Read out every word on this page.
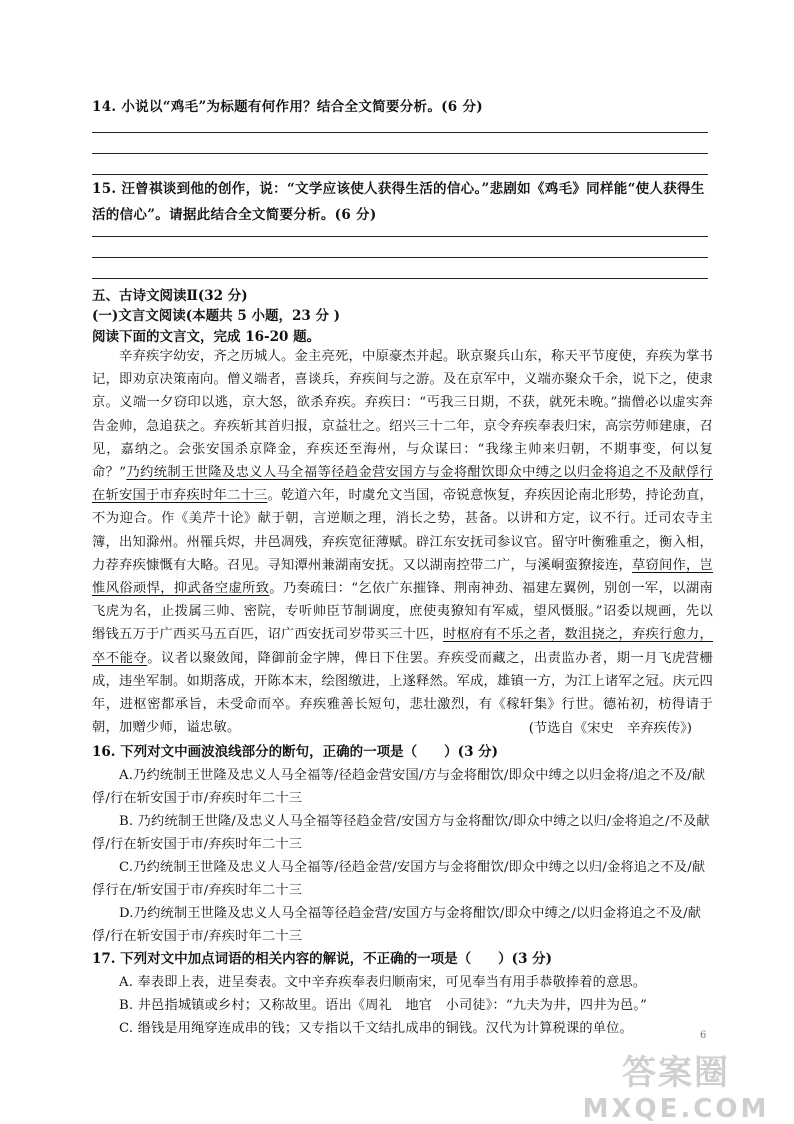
14. 小说以“鸡毛”为标题有何作用？结合全文简要分析。(6 分)
15. 汪曾祺谈到他的创作，说：“文学应该使人获得生活的信心。”悲剧如《鸡毛》同样能“使人获得生活的信心”。请据此结合全文简要分析。(6 分)
五、古诗文阅读Ⅱ(32 分)
(一)文言文阅读(本题共 5 小题，23 分 )
阅读下面的文言文，完成 16-20 题。
辛弃疾字幼安，齐之历城人。金主亮死，中原豪杰并起。耿京聚兵山东，称天平节度使，弃疾为掌书记，即劝京决策南向。僧义端者，喜谈兵，弃疾间与之游。及在京军中，义端亦聚众千余，说下之，使隶京。义端一夕窃印以逃，京大怒，欲杀弃疾。弃疾曰：“丐我三日期，不获，就死未晚。”揣僧必以虚实奔告金帅，急追获之。弃疾斩其首归报，京益壮之。绍兴三十二年，京令弃疾奉表归宋，高宗劳师建康，召见，嘉纳之。会张安国杀京降金，弃疾还至海州，与众谋曰：“我缘主帅来归朝，不期事变，何以复命？”乃约统制王世隆及忠义人马全福等径趋金营安国方与金将酣饮即众中缚之以归金将追之不及献俘行在斩安国于市弃疾时年二十三。乾道六年，时虞允文当国，帝锐意恢复，弃疾因论南北形势，持论劲直，不为迎合。作《美芹十论》献于朝，言逆顺之理，消长之势，甚备。以讲和方定，议不行。迁司农寺主簿，出知滁州。州罹兵烬，井邑凋残，弃疾宽征薄赋。辟江东安抚司参议官。留守叶衡雅重之，衡入相，力荐弃疾慷慨有大略。召见。寻知潭州兼湖南安抚。又以湖南控带二广，与溪峒蛮獠接连，草窃间作，岂惟风俗顽悍，抑武备空虚所致。乃奏疏曰：“乞依广东摧锋、荆南神劲、福建左翼例，别创一军，以湖南飞虎为名，止拨属三帅、密院，专听帅臣节制调度，庶使夷獠知有军威，望风慑服。”诏委以规画，先以缗钱五万于广西买马五百匹，诏广西安抚司岁带买三十匹，时枢府有不乐之者，数沮挠之，弃疾行愈力，卒不能夺。议者以聚敛闻，降御前金字牌，俾日下住罢。弃疾受而藏之，出责监办者，期一月飞虎营栅成，违坐军制。如期落成，开陈本末，绘图缴进，上遂释然。军成，雄镇一方，为江上诸军之冠。庆元四年，进枢密都承旨，未受命而卒。弃疾雅善长短句，悲壮激烈，有《稼轩集》行世。德祐初，枋得请于朝，加赠少师，谥忠敏。	(节选自《宋史　辛弃疾传》)
16. 下列对文中画波浪线部分的断句，正确的一项是（　　）(3 分)
A.乃约统制王世隆及忠义人马全福等/径趋金营安国/方与金将酣饮/即众中缚之以归金将/追之不及/献俘/行在斩安国于市/弃疾时年二十三
B. 乃约统制王世隆/及忠义人马全福等径趋金营/安国方与金将酣饮/即众中缚之以归/金将追之/不及献俘/行在斩安国于市/弃疾时年二十三
C.乃约统制王世隆及忠义人马全福等/径趋金营/安国方与金将酣饮/即众中缚之以归/金将追之不及/献俘行在/斩安国于市/弃疾时年二十三
D.乃约统制王世隆及忠义人马全福等径趋金营/安国方与金将酣饮/即众中缚之/以归金将追之不及/献俘/行在斩安国于市/弃疾时年二十三
17. 下列对文中加点词语的相关内容的解说，不正确的一项是（　　）(3 分)
A. 奉表即上表，进呈奏表。文中辛弃疾奉表归顺南宋，可见奉当有用手恭敬捧着的意思。
B. 井邑指城镇或乡村；又称故里。语出《周礼　地官　小司徒》：“九夫为井，四井为邑。”
C. 缗钱是用绳穿连成串的钱；又专指以千文结扎成串的铜钱。汉代为计算税课的单位。	6
答案圈
MXQE.COM
